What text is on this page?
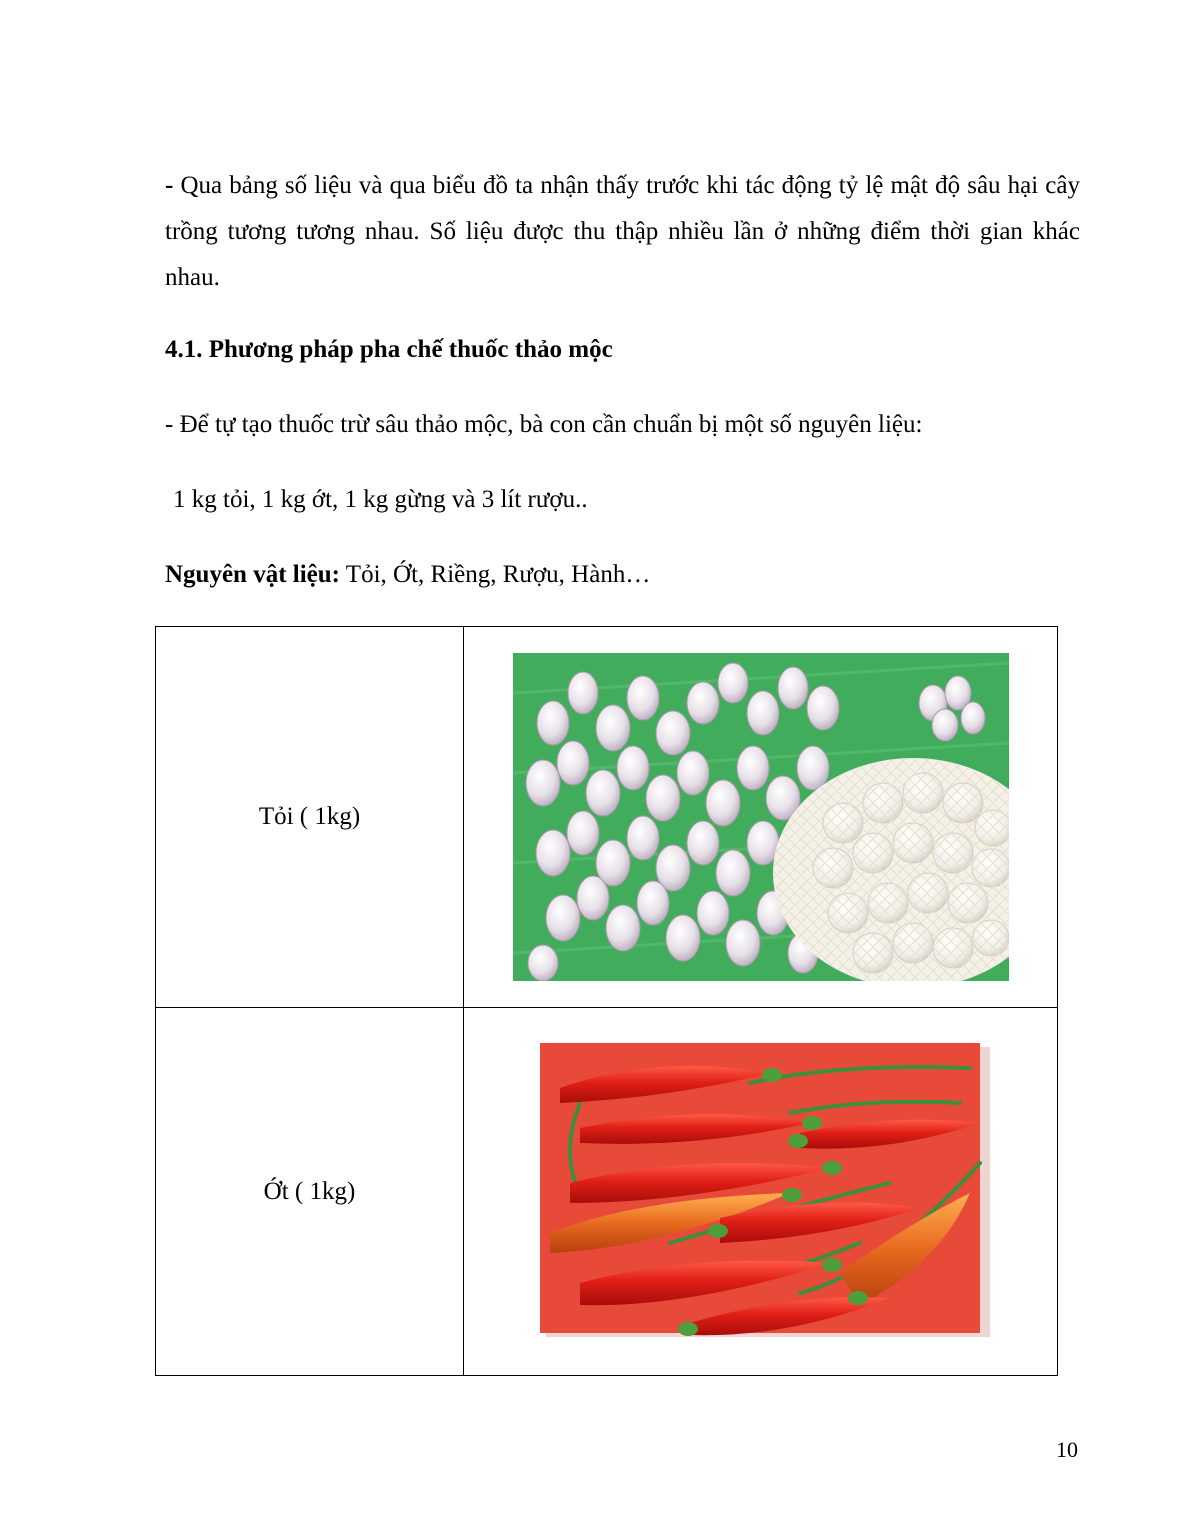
- Qua bảng số liệu và qua biểu đồ ta nhận thấy trước khi tác động tỷ lệ mật độ sâu hại cây trồng tương tương nhau. Số liệu được thu thập nhiều lần ở những điểm thời gian khác nhau.
4.1. Phương pháp pha chế thuốc thảo mộc
- Để tự tạo thuốc trừ sâu thảo mộc, bà con cần chuẩn bị một số nguyên liệu:
1 kg tỏi, 1 kg ớt, 1 kg gừng và 3 lít rượu..
Nguyên vật liệu: Tỏi, Ớt, Riềng, Rượu, Hành…
Tỏi ( 1kg)	

Ớt ( 1kg)	
10
